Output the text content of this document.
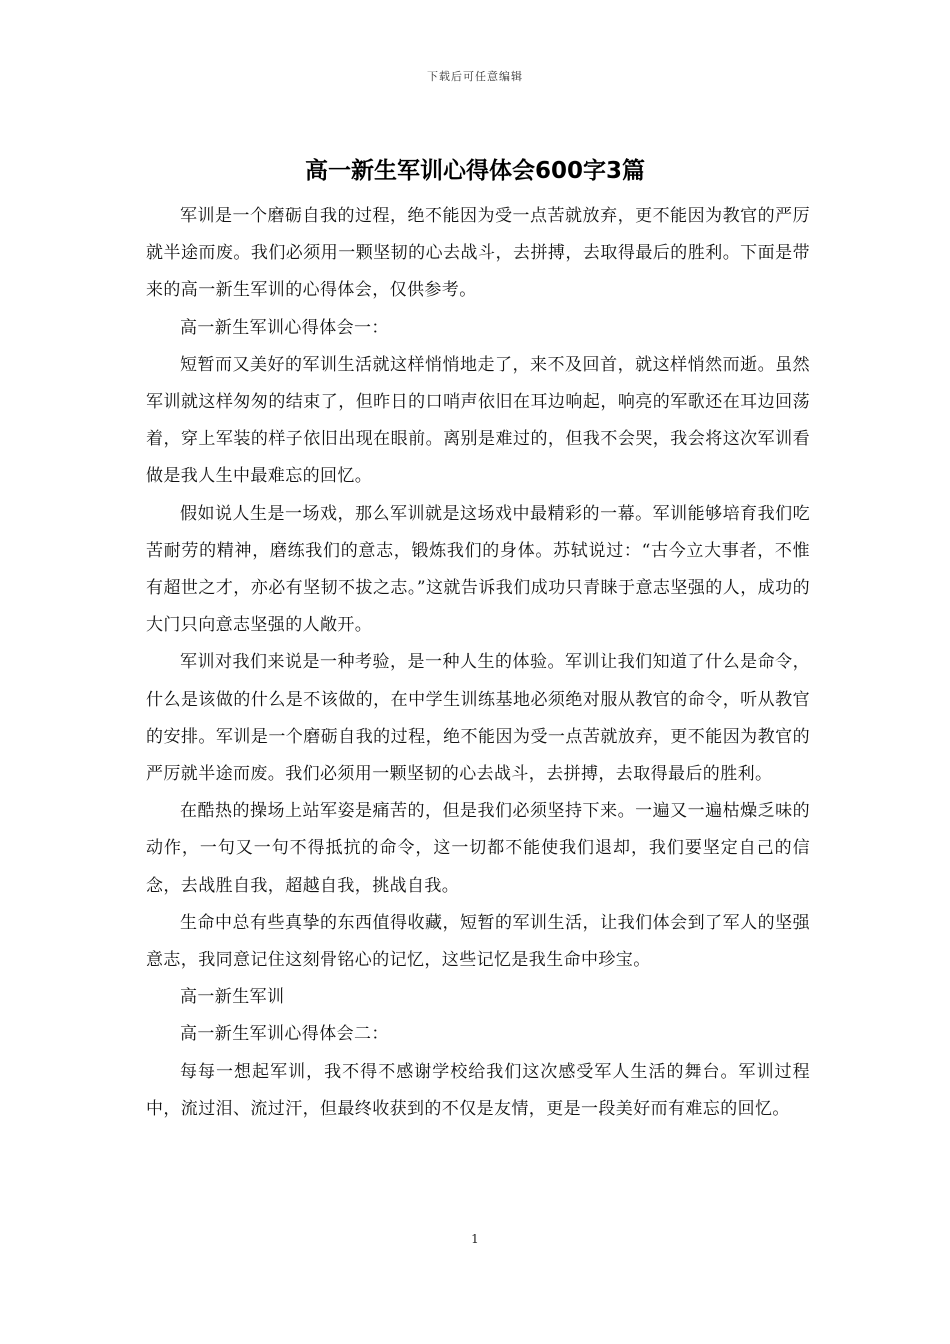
下载后可任意编辑
高一新生军训心得体会600字3篇

军训是一个磨砺自我的过程，绝不能因为受一点苦就放弃，更不能因为教官的严厉就半途而废。我们必须用一颗坚韧的心去战斗，去拼搏，去取得最后的胜利。下面是带来的高一新生军训的心得体会，仅供参考。

高一新生军训心得体会一：

短暂而又美好的军训生活就这样悄悄地走了，来不及回首，就这样悄然而逝。虽然军训就这样匆匆的结束了，但昨日的口哨声依旧在耳边响起，响亮的军歌还在耳边回荡着，穿上军装的样子依旧出现在眼前。离别是难过的，但我不会哭，我会将这次军训看做是我人生中最难忘的回忆。

假如说人生是一场戏，那么军训就是这场戏中最精彩的一幕。军训能够培育我们吃苦耐劳的精神，磨练我们的意志，锻炼我们的身体。苏轼说过：“古今立大事者，不惟有超世之才，亦必有坚韧不拔之志。”这就告诉我们成功只青睐于意志坚强的人，成功的大门只向意志坚强的人敞开。

军训对我们来说是一种考验，是一种人生的体验。军训让我们知道了什么是命令，什么是该做的什么是不该做的，在中学生训练基地必须绝对服从教官的命令，听从教官的安排。军训是一个磨砺自我的过程，绝不能因为受一点苦就放弃，更不能因为教官的严厉就半途而废。我们必须用一颗坚韧的心去战斗，去拼搏，去取得最后的胜利。

在酷热的操场上站军姿是痛苦的，但是我们必须坚持下来。一遍又一遍枯燥乏味的动作，一句又一句不得抵抗的命令，这一切都不能使我们退却，我们要坚定自己的信念，去战胜自我，超越自我，挑战自我。

生命中总有些真挚的东西值得收藏，短暂的军训生活，让我们体会到了军人的坚强意志，我同意记住这刻骨铭心的记忆，这些记忆是我生命中珍宝。

高一新生军训

高一新生军训心得体会二：

每每一想起军训，我不得不感谢学校给我们这次感受军人生活的舞台。军训过程中，流过泪、流过汗，但最终收获到的不仅是友情，更是一段美好而有难忘的回忆。

1
